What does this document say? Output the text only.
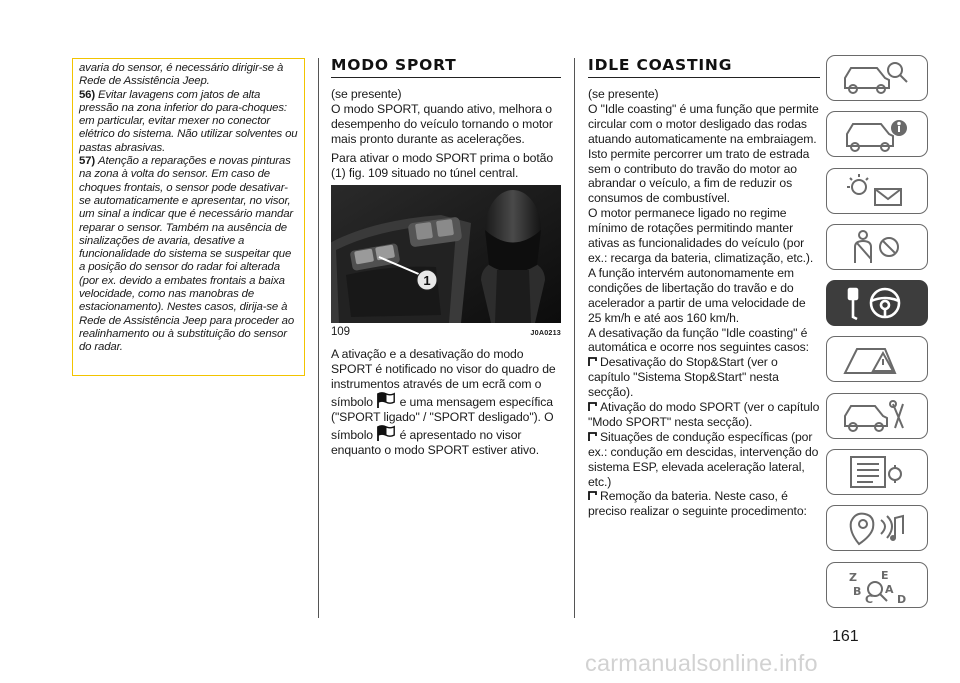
avaria do sensor, é necessário dirigir-se à Rede de Assistência Jeep.

56) Evitar lavagens com jatos de alta pressão na zona inferior do para-choques: em particular, evitar mexer no conector elétrico do sistema. Não utilizar solventes ou pastas abrasivas.

57) Atenção a reparações e novas pinturas na zona à volta do sensor. Em caso de choques frontais, o sensor pode desativar-se automaticamente e apresentar, no visor, um sinal a indicar que é necessário mandar reparar o sensor. Também na ausência de sinalizações de avaria, desative a funcionalidade do sistema se suspeitar que a posição do sensor do radar foi alterada (por ex. devido a embates frontais a baixa velocidade, como nas manobras de estacionamento). Nestes casos, dirija-se à Rede de Assistência Jeep para proceder ao realinhamento ou à substituição do sensor do radar.

MODO SPORT

(se presente)

O modo SPORT, quando ativo, melhora o desempenho do veículo tornando o motor mais pronto durante as acelerações.

Para ativar o modo SPORT prima o botão (1) fig. 109 situado no túnel central.

1
109	J0A0213

A ativação e a desativação do modo SPORT é notificado no visor do quadro de instrumentos através de um ecrã com o símbolo e uma mensagem específica ("SPORT ligado" / "SPORT desligado"). O símbolo é apresentado no visor enquanto o modo SPORT estiver ativo.

IDLE COASTING

(se presente)

O "Idle coasting" é uma função que permite circular com o motor desligado das rodas atuando automaticamente na embraiagem. Isto permite percorrer um trato de estrada sem o contributo do travão do motor ao abrandar o veículo, a fim de reduzir os consumos de combustível.

O motor permanece ligado no regime mínimo de rotações permitindo manter ativas as funcionalidades do veículo (por ex.: recarga da bateria, climatização, etc.).

A função intervém autonomamente em condições de libertação do travão e do acelerador a partir de uma velocidade de 25 km/h e até aos 160 km/h.

A desativação da função "Idle coasting" é automática e ocorre nos seguintes casos:

Desativação do Stop&Start (ver o capítulo "Sistema Stop&Start" nesta secção).
Ativação do modo SPORT (ver o capítulo "Modo SPORT" nesta secção).
Situações de condução específicas (por ex.: condução em descidas, intervenção do sistema ESP, elevada aceleração lateral, etc.)
Remoção da bateria. Neste caso, é preciso realizar o seguinte procedimento:
Z
B
C
E
A
D
161
carmanualsonline.info
